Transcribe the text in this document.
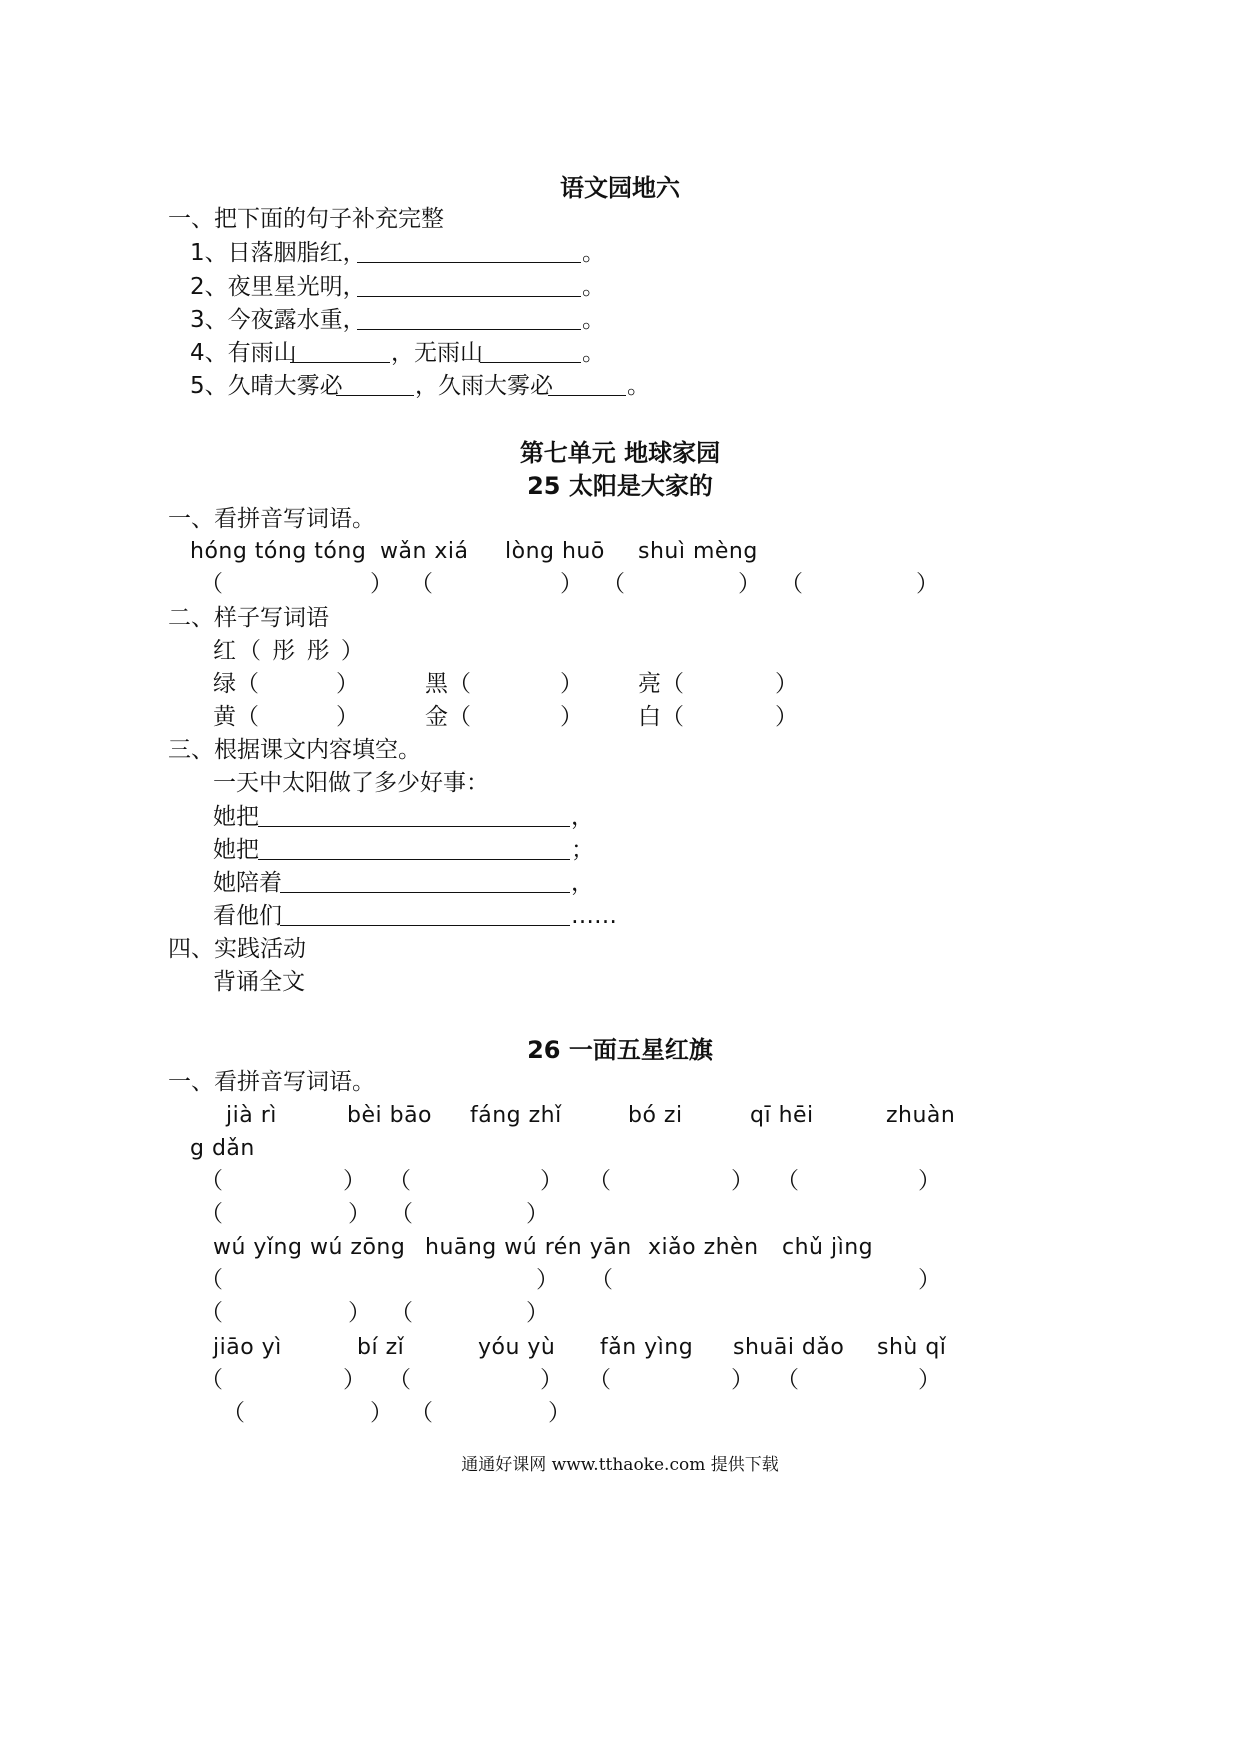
语文园地六
一、把下面的句子补充完整
1、日落胭脂红，	。
2、夜里星光明，	。
3、今夜露水重，	。
4、有雨山	，无雨山	。
5、久晴大雾必	，久雨大雾必	。
第七单元 地球家园
25 太阳是大家的
一、看拼音写词语。
hóng tóng tóng wǎn xiá lòng huō shuì mèng
（	） （	） （	） （	）
二、样子写词语
红（ 彤 彤 ）
绿（	）	黑（	） 亮（	）
黄（	）	金（	） 白（	）
三、根据课文内容填空。
一天中太阳做了多少好事：
她把	，
她把	；
她陪着	，
看他们	……
四、实践活动
背诵全文
26 一面五星红旗
一、看拼音写词语。
jià rì	bèi bāo fáng zhǐ	bó zi	qī hēi	zhuàn
g dǎn
（	） （	） （	） （	）
（	） （	）
wú yǐng wú zōng huāng wú rén yān xiǎo zhèn chǔ jìng
（	） （	）
（	） （	）
jiāo yì	bí zǐ	yóu yù fǎn yìng shuāi dǎo shù qǐ
（	） （	） （	） （	）
（	） （	）
通通好课网 www.tthaoke.com 提供下载
